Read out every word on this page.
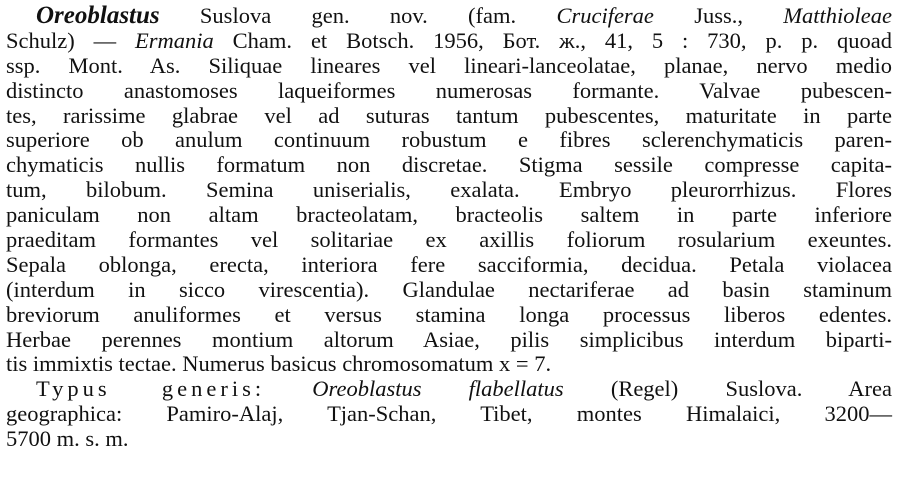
Oreoblastus Suslova gen. nov. (fam. Cruciferae Juss., Matthioleae
Schulz) — Ermania Cham. et Botsch. 1956, Бот. ж., 41, 5 : 730, p. p. quoad
ssp. Mont. As. Siliquae lineares vel lineari-lanceolatae, planae, nervo medio
distincto anastomoses laqueiformes numerosas formante. Valvae pubescen-
tes, rarissime glabrae vel ad suturas tantum pubescentes, maturitate in parte
superiore ob anulum continuum robustum e fibres sclerenchymaticis paren-
chymaticis nullis formatum non discretae. Stigma sessile compresse capita-
tum, bilobum. Semina uniserialis, exalata. Embryo pleurorrhizus. Flores
paniculam non altam bracteolatam, bracteolis saltem in parte inferiore
praeditam formantes vel solitariae ex axillis foliorum rosularium exeuntes.
Sepala oblonga, erecta, interiora fere sacciformia, decidua. Petala violacea
(interdum in sicco virescentia). Glandulae nectariferae ad basin staminum
breviorum anuliformes et versus stamina longa processus liberos edentes.
Herbae perennes montium altorum Asiae, pilis simplicibus interdum bipartі-
tis immixtis tectae. Numerus basicus chromosomatum x = 7.
Typus generis: Oreoblastus flabellatus (Regel) Suslova. Area
geographica: Pamiro-Alaj, Tjan-Schan, Tibet, montes Himalaici, 3200—
5700 m. s. m.
